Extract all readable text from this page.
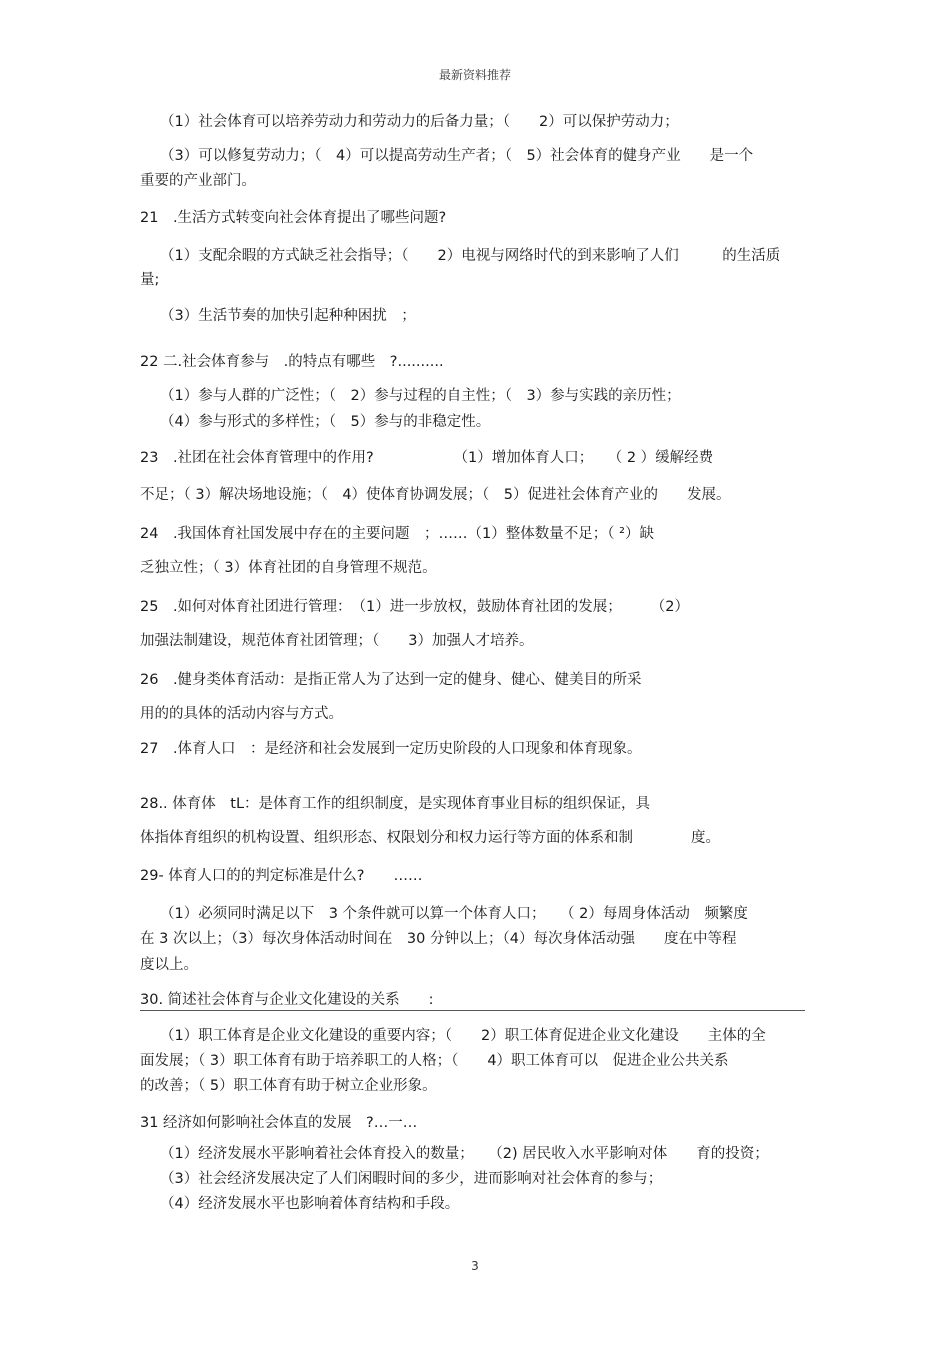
最新资料推荐
（1）社会体育可以培养劳动力和劳动力的后备力量；（　　2）可以保护劳动力；
（3）可以修复劳动力；（　4）可以提高劳动生产者；（　5）社会体育的健身产业　　是一个
重要的产业部门。
21　.生活方式转变向社会体育提出了哪些问题?
（1）支配余暇的方式缺乏社会指导；（　　2）电视与网络时代的到来影响了人们　　　的生活质
量;
（3）生活节奏的加快引起种种困扰　；
22 二.社会体育参与　.的特点有哪些　?..........
（1）参与人群的广泛性；（　2）参与过程的自主性；（　3）参与实践的亲历性；
（4）参与形式的多样性；（　5）参与的非稳定性。
23　.社团在社会体育管理中的作用?　　　　　　（1）增加体育人口；　　（ 2 ）缓解经费
不足；（ 3）解决场地设施；（　4）使体育协调发展；（　5）促进社会体育产业的　　发展。
24　.我国体育社国发展中存在的主要问题　；……（1）整体数量不足；（ ²）缺
乏独立性；（ 3）体育社团的自身管理不规范。
25　.如何对体育社团进行管理：　（1）进一步放权，鼓励体育社团的发展；　　　（2）
加强法制建设，规范体育社团管理；（　　3）加强人才培养。
26　.健身类体育活动：是指正常人为了达到一定的健身、健心、健美目的所采
用的的具体的活动内容与方式。
27　.体育人口　：是经济和社会发展到一定历史阶段的人口现象和体育现象。
28.. 体育体　tL：是体育工作的组织制度，是实现体育事业目标的组织保证，具
体指体育组织的机构设置、组织形态、权限划分和权力运行等方面的体系和制　　　　度。
29- 体育人口的的判定标准是什么?　　……
（1）必须同时满足以下　3 个条件就可以算一个体育人口；　　（ 2）每周身体活动　频繁度
在 3 次以上；（3）每次身体活动时间在　30 分钟以上；（4）每次身体活动强　　度在中等程
度以上。
30. 简述社会体育与企业文化建设的关系　　:
（1）职工体育是企业文化建设的重要内容；（　　2）职工体育促进企业文化建设　　主体的全
面发展；（ 3）职工体育有助于培养职工的人格；（　　4）职工体育可以　促进企业公共关系
的改善；（ 5）职工体育有助于树立企业形象。
31 经济如何影响社会体直的发展　?…一…
（1）经济发展水平影响着社会体育投入的数量；　　（2) 居民收入水平影响对体　　育的投资；
（3）社会经济发展决定了人们闲暇时间的多少，进而影响对社会体育的参与；
（4）经济发展水平也影响着体育结构和手段。
3
